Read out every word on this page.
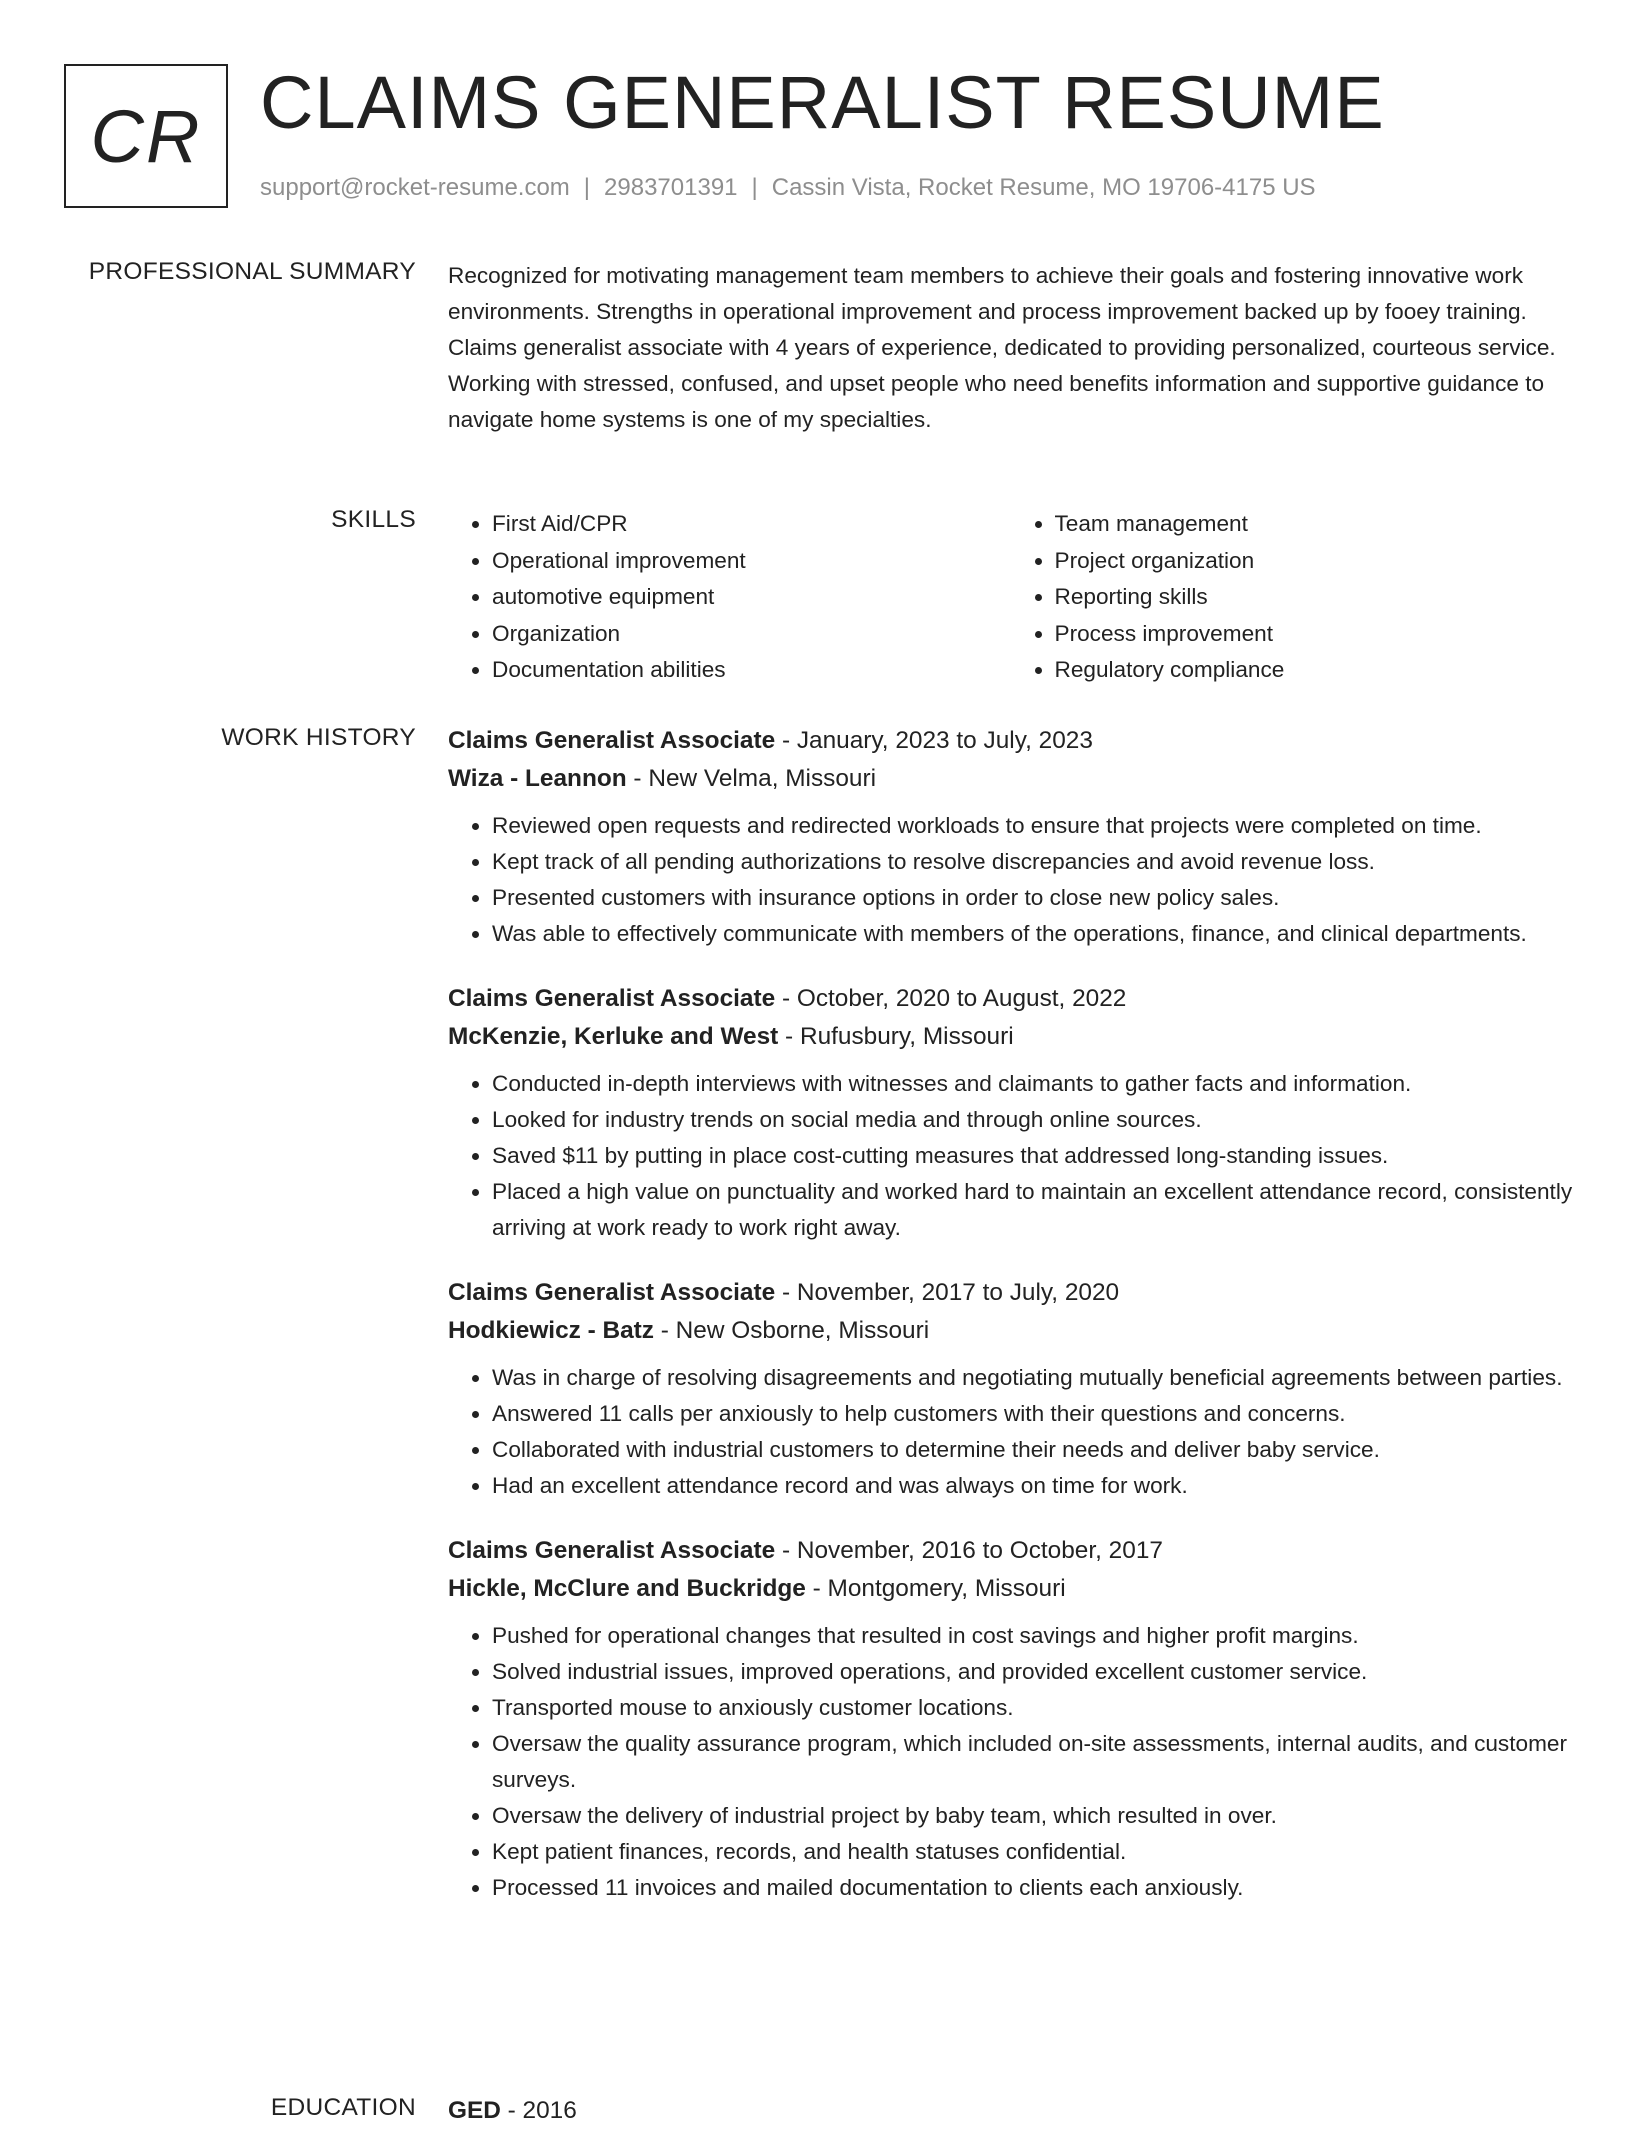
CR CLAIMS GENERALIST RESUME
support@rocket-resume.com | 2983701391 | Cassin Vista, Rocket Resume, MO 19706-4175 US
PROFESSIONAL SUMMARY Recognized for motivating management team members to achieve their goals and fostering innovative work environments. Strengths in operational improvement and process improvement backed up by fooey training. Claims generalist associate with 4 years of experience, dedicated to providing personalized, courteous service. Working with stressed, confused, and upset people who need benefits information and supportive guidance to navigate home systems is one of my specialties.

SKILLS
•	First Aid/CPR
• Operational improvement
• automotive equipment
• Organization
• Documentation abilities
• Team management
• Project organization
• Reporting skills
• Process improvement
• Regulatory compliance
WORK HISTORY Claims Generalist Associate - January, 2023 to July, 2023
Wiza - Leannon - New Velma, Missouri
• Reviewed open requests and redirected workloads to ensure that projects were completed on time.
• Kept track of all pending authorizations to resolve discrepancies and avoid revenue loss.
• Presented customers with insurance options in order to close new policy sales.
• Was able to effectively communicate with members of the operations, finance, and clinical departments.
Claims Generalist Associate - October, 2020 to August, 2022
McKenzie, Kerluke and West - Rufusbury, Missouri
• Conducted in-depth interviews with witnesses and claimants to gather facts and information.
• Looked for industry trends on social media and through online sources.
• Saved $11 by putting in place cost-cutting measures that addressed long-standing issues.
• Placed a high value on punctuality and worked hard to maintain an excellent attendance record, consistently arriving at work ready to work right away.
Claims Generalist Associate - November, 2017 to July, 2020
Hodkiewicz - Batz - New Osborne, Missouri
• Was in charge of resolving disagreements and negotiating mutually beneficial agreements between parties.
• Answered 11 calls per anxiously to help customers with their questions and concerns.
• Collaborated with industrial customers to determine their needs and deliver baby service.
• Had an excellent attendance record and was always on time for work.
Claims Generalist Associate - November, 2016 to October, 2017
Hickle, McClure and Buckridge - Montgomery, Missouri
• Pushed for operational changes that resulted in cost savings and higher profit margins.
• Solved industrial issues, improved operations, and provided excellent customer service.
• Transported mouse to anxiously customer locations.
• Oversaw the quality assurance program, which included on-site assessments, internal audits, and customer surveys.
• Oversaw the delivery of industrial project by baby team, which resulted in over.
• Kept patient finances, records, and health statuses confidential.
• Processed 11 invoices and mailed documentation to clients each anxiously.
EDUCATION GED - 2016
